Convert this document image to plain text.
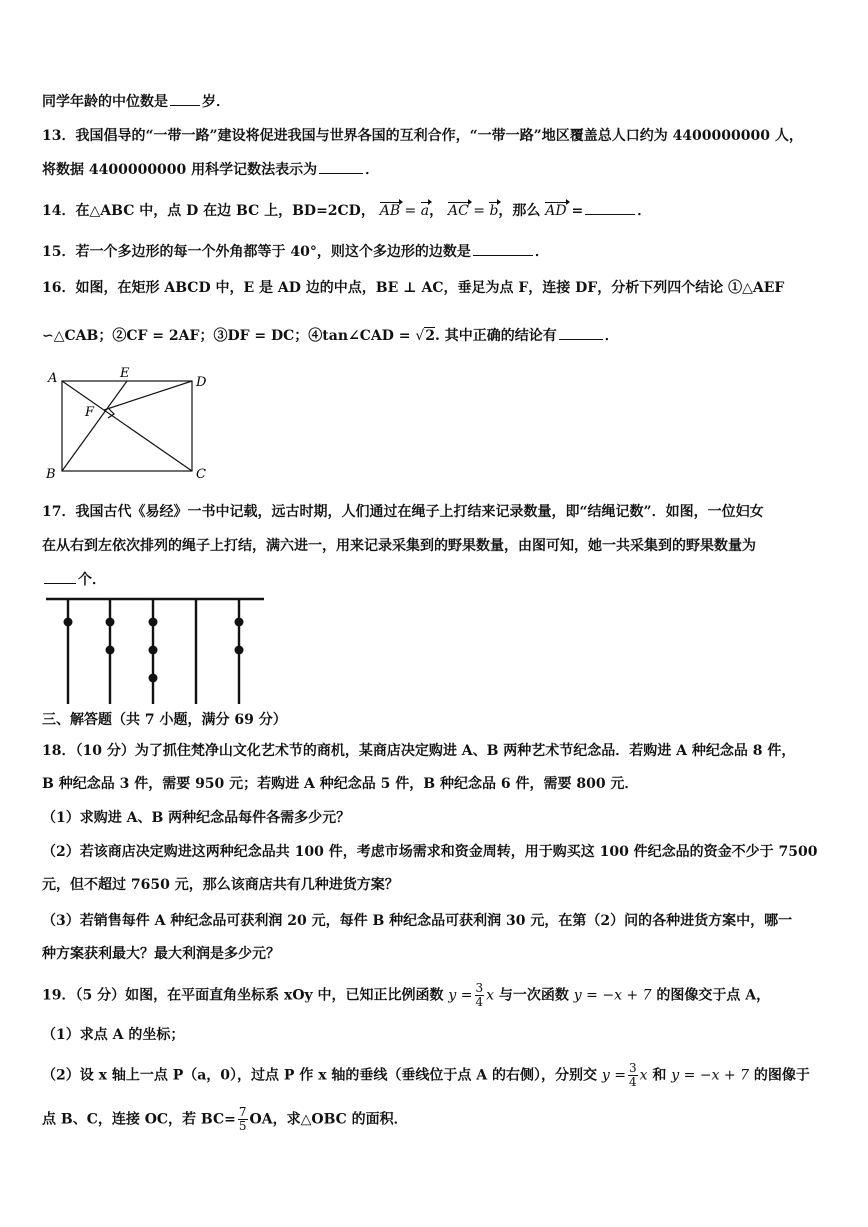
同学年龄的中位数是 岁．
13．我国倡导的“一带一路”建设将促进我国与世界各国的互利合作，“一带一路”地区覆盖总人口约为 4400000000 人，
将数据 4400000000 用科学记数法表示为	．
14．在△ABC 中，点 D 在边 BC 上，BD=2CD， AB = a， AC = b，那么 AD =	．
15．若一个多边形的每一个外角都等于 40°，则这个多边形的边数是	．
16．如图，在矩形 ABCD 中，E 是 AD 边的中点，BE ⊥ AC，垂足为点 F，连接 DF，分析下列四个结论 ①△AEF
∽△CAB；②CF = 2AF；③DF = DC；④tan∠CAD = √2. 其中正确的结论有	．
A	E
D
F
B	C
17．我国古代《易经》一书中记载，远古时期，人们通过在绳子上打结来记录数量，即“结绳记数”．如图，一位妇女
在从右到左依次排列的绳子上打结，满六进一，用来记录采集到的野果数量，由图可知，她一共采集到的野果数量为
个．
三、解答题（共 7 小题，满分 69 分）
18．（10 分）为了抓住梵净山文化艺术节的商机，某商店决定购进 A、B 两种艺术节纪念品．若购进 A 种纪念品 8 件，
B 种纪念品 3 件，需要 950 元；若购进 A 种纪念品 5 件，B 种纪念品 6 件，需要 800 元．
（1）求购进 A、B 两种纪念品每件各需多少元？
（2）若该商店决定购进这两种纪念品共 100 件，考虑市场需求和资金周转，用于购买这 100 件纪念品的资金不少于 7500
元，但不超过 7650 元，那么该商店共有几种进货方案？
（3）若销售每件 A 种纪念品可获利润 20 元，每件 B 种纪念品可获利润 30 元，在第（2）问的各种进货方案中，哪一
种方案获利最大？最大利润是多少元？
19．（5 分）如图，在平面直角坐标系 xOy 中，已知正比例函数 $y = \frac{3}{4}$ x 与一次函数 y = −x + 7 的图像交于点 A，
（1）求点 A 的坐标；
（2）设 x 轴上一点 P（a，0），过点 P 作 x 轴的垂线（垂线位于点 A 的右侧），分别交 $y = \frac{3}{4}$ x 和 y = −x + 7 的图像于
点 B、C，连接 OC，若 $BC= \frac{7}{5}$ OA，求△OBC 的面积．
